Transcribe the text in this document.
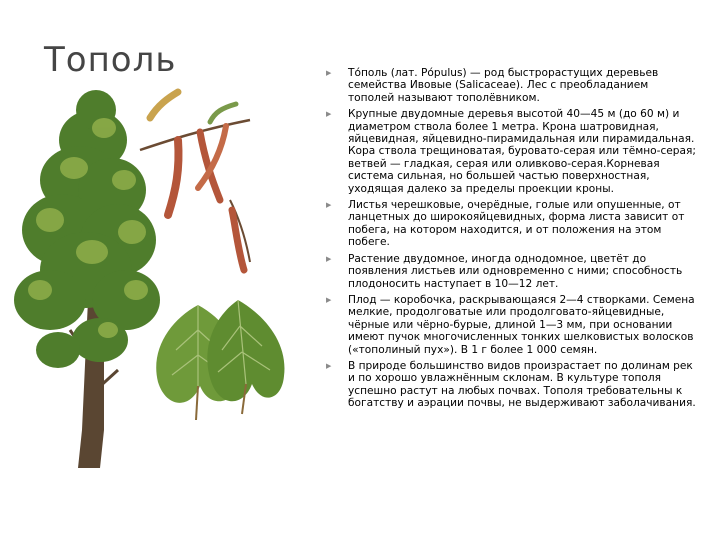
Тополь	▶ То́поль (лат. Pо́pulus) — род быстрорастущих деревьев семейства Ивовые (Salicaceae). Лес с преобладанием тополей называют тополёвником.
▶ Крупные двудомные деревья высотой 40—45 м (до 60 м) и диаметром ствола более 1 метра. Крона шатровидная, яйцевидная, яйцевидно-пирамидальная или пирамидальная. Кора ствола трещиноватая, буровато-серая или тёмно-серая; ветвей — гладкая, серая или оливково-серая.Корневая система сильная, но большей частью поверхностная, уходящая далеко за пределы проекции кроны.
▶ Листья черешковые, очерёдные, голые или опушенные, от ланцетных до широкояйцевидных, форма листа зависит от побега, на котором находится, и от положения на этом побеге.
▶ Растение двудомное, иногда однодомное, цветёт до появления листьев или одновременно с ними; способность плодоносить наступает в 10—12 лет.
▶ Плод — коробочка, раскрывающаяся 2—4 створками. Семена мелкие, продолговатые или продолговато-яйцевидные, чёрные или чёрно-бурые, длиной 1—3 мм, при основании имеют пучок многочисленных тонких шелковистых волосков («тополиный пух»). В 1 г более 1 000 семян.
▶ В природе большинство видов произрастает по долинам рек и по хорошо увлажнённым склонам. В культуре тополя успешно растут на любых почвах. Тополя требовательны к богатству и аэрации почвы, не выдерживают заболачивания.
